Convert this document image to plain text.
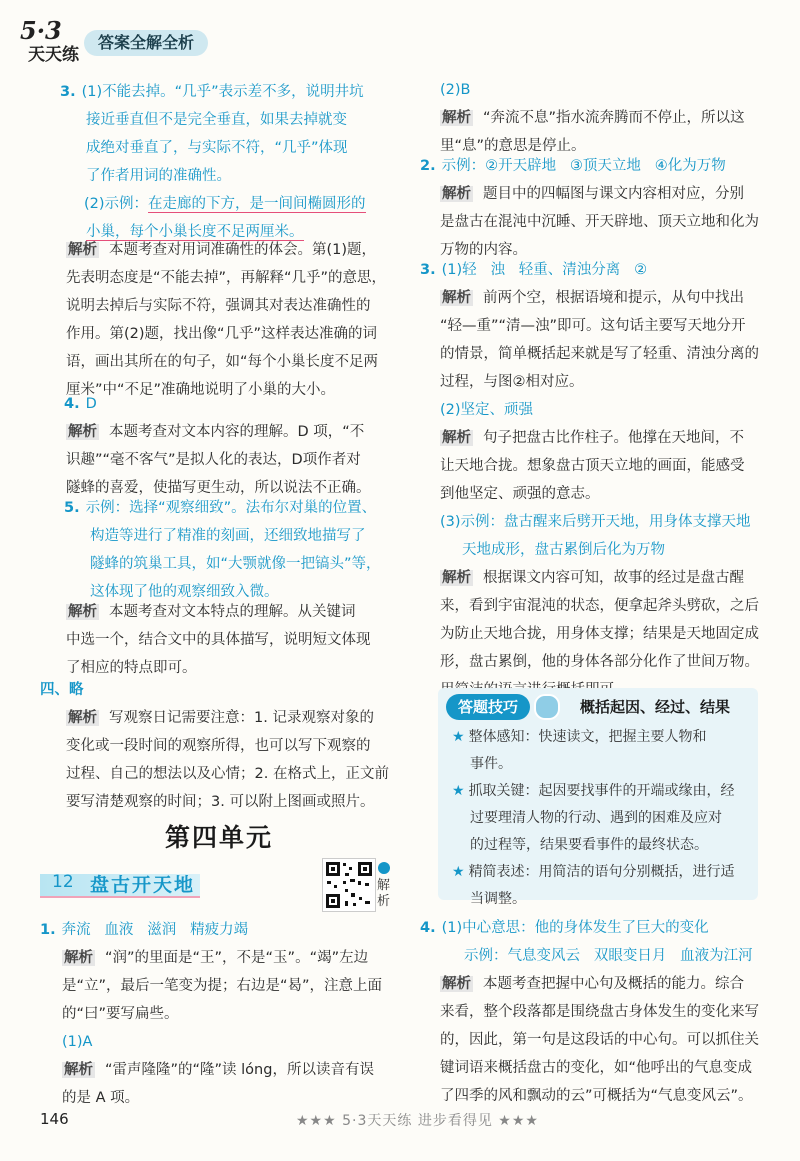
5·3
天天练
答案全解全析
3. (1)不能去掉。“几乎”表示差不多，说明井坑
接近垂直但不是完全垂直，如果去掉就变
成绝对垂直了，与实际不符，“几乎”体现
了作者用词的准确性。
(2)示例：在走廊的下方，是一间间椭圆形的
小巢，每个小巢长度不足两厘米。
解析 本题考查对用词准确性的体会。第(1)题，
先表明态度是“不能去掉”，再解释“几乎”的意思，
说明去掉后与实际不符，强调其对表达准确性的
作用。第(2)题，找出像“几乎”这样表达准确的词
语，画出其所在的句子，如“每个小巢长度不足两
厘米”中“不足”准确地说明了小巢的大小。
4. D
解析 本题考查对文本内容的理解。D 项，“不
识趣”“毫不客气”是拟人化的表达，D项作者对
隧蜂的喜爱，使描写更生动，所以说法不正确。
5. 示例：选择“观察细致”。法布尔对巢的位置、
构造等进行了精准的刻画，还细致地描写了
隧蜂的筑巢工具，如“大颚就像一把镐头”等，
这体现了他的观察细致入微。
解析 本题考查对文本特点的理解。从关键词
中选一个，结合文中的具体描写，说明短文体现
了相应的特点即可。
四、略
解析 写观察日记需要注意：1. 记录观察对象的
变化或一段时间的观察所得，也可以写下观察的
过程、自己的想法以及心情；2. 在格式上，正文前
要写清楚观察的时间；3. 可以附上图画或照片。
第四单元
12 盘古开天地	解析
1. 奔流   血液   滋润   精疲力竭
解析 “润”的里面是“王”，不是“玉”。“竭”左边
是“立”，最后一笔变为提；右边是“曷”，注意上面
的“曰”要写扁些。
(1)A
解析 “雷声隆隆”的“隆”读 lóng，所以读音有误
的是 A 项。
(2)B
解析 “奔流不息”指水流奔腾而不停止，所以这
里“息”的意思是停止。
2. 示例：②开天辟地   ③顶天立地   ④化为万物
解析 题目中的四幅图与课文内容相对应，分别
是盘古在混沌中沉睡、开天辟地、顶天立地和化为
万物的内容。
3. (1)轻   浊   轻重、清浊分离   ②
解析 前两个空，根据语境和提示，从句中找出
“轻—重”“清—浊”即可。这句话主要写天地分开
的情景，简单概括起来就是写了轻重、清浊分离的
过程，与图②相对应。
(2)坚定、顽强
解析 句子把盘古比作柱子。他撑在天地间，不
让天地合拢。想象盘古顶天立地的画面，能感受
到他坚定、顽强的意志。
(3)示例：盘古醒来后劈开天地，用身体支撑天地
天地成形，盘古累倒后化为万物
解析 根据课文内容可知，故事的经过是盘古醒
来，看到宇宙混沌的状态，便拿起斧头劈砍，之后
为防止天地合拢，用身体支撑；结果是天地固定成
形，盘古累倒，他的身体各部分化作了世间万物。
答题技巧	概括起因、经过、结果
★ 整体感知：快速读文，把握主要人物和
事件。
★ 抓取关键：起因要找事件的开端或缘由，经
过要理清人物的行动、遇到的困难及应对
的过程等，结果要看事件的最终状态。
★ 精简表述：用简洁的语句分别概括，进行适
当调整。
4. (1)中心意思：他的身体发生了巨大的变化
示例：气息变风云   双眼变日月   血液为江河
解析 本题考查把握中心句及概括的能力。综合
来看，整个段落都是围绕盘古身体发生的变化来写
的，因此，第一句是这段话的中心句。可以抓住关
键词语来概括盘古的变化，如“他呼出的气息变成
了四季的风和飘动的云”可概括为“气息变风云”。
146	★★★ 5·3天天练 进步看得见 ★★★
